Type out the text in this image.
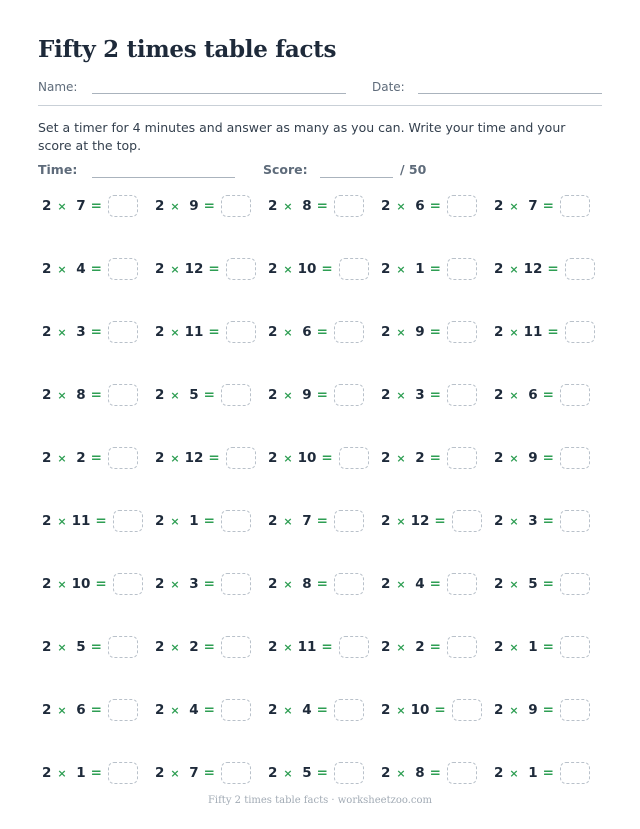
Fifty 2 times table facts
Name:	Date:
Set a timer for 4 minutes and answer as many as you can. Write your time and your score at the top.
Time:	Score:	/ 50
2 × 7 =	2 × 9 =	2 × 8 =	2 × 6 =	2 × 7 =
2 × 4 =	2 × 12 =	2 × 10 =	2 × 1 =	2 × 12 =
2 × 3 =	2 × 11 =	2 × 6 =	2 × 9 =	2 × 11 =
2 × 8 =	2 × 5 =	2 × 9 =	2 × 3 =	2 × 6 =
2 × 2 =	2 × 12 =	2 × 10 =	2 × 2 =	2 × 9 =
2 × 11 =	2 × 1 =	2 × 7 =	2 × 12 =	2 × 3 =
2 × 10 =	2 × 3 =	2 × 8 =	2 × 4 =	2 × 5 =
2 × 5 =	2 × 2 =	2 × 11 =	2 × 2 =	2 × 1 =
2 × 6 =	2 × 4 =	2 × 4 =	2 × 10 =	2 × 9 =
2 × 1 =	2 × 7 =	2 × 5 =	2 × 8 =	2 × 1 =
Fifty 2 times table facts · worksheetzoo.com
